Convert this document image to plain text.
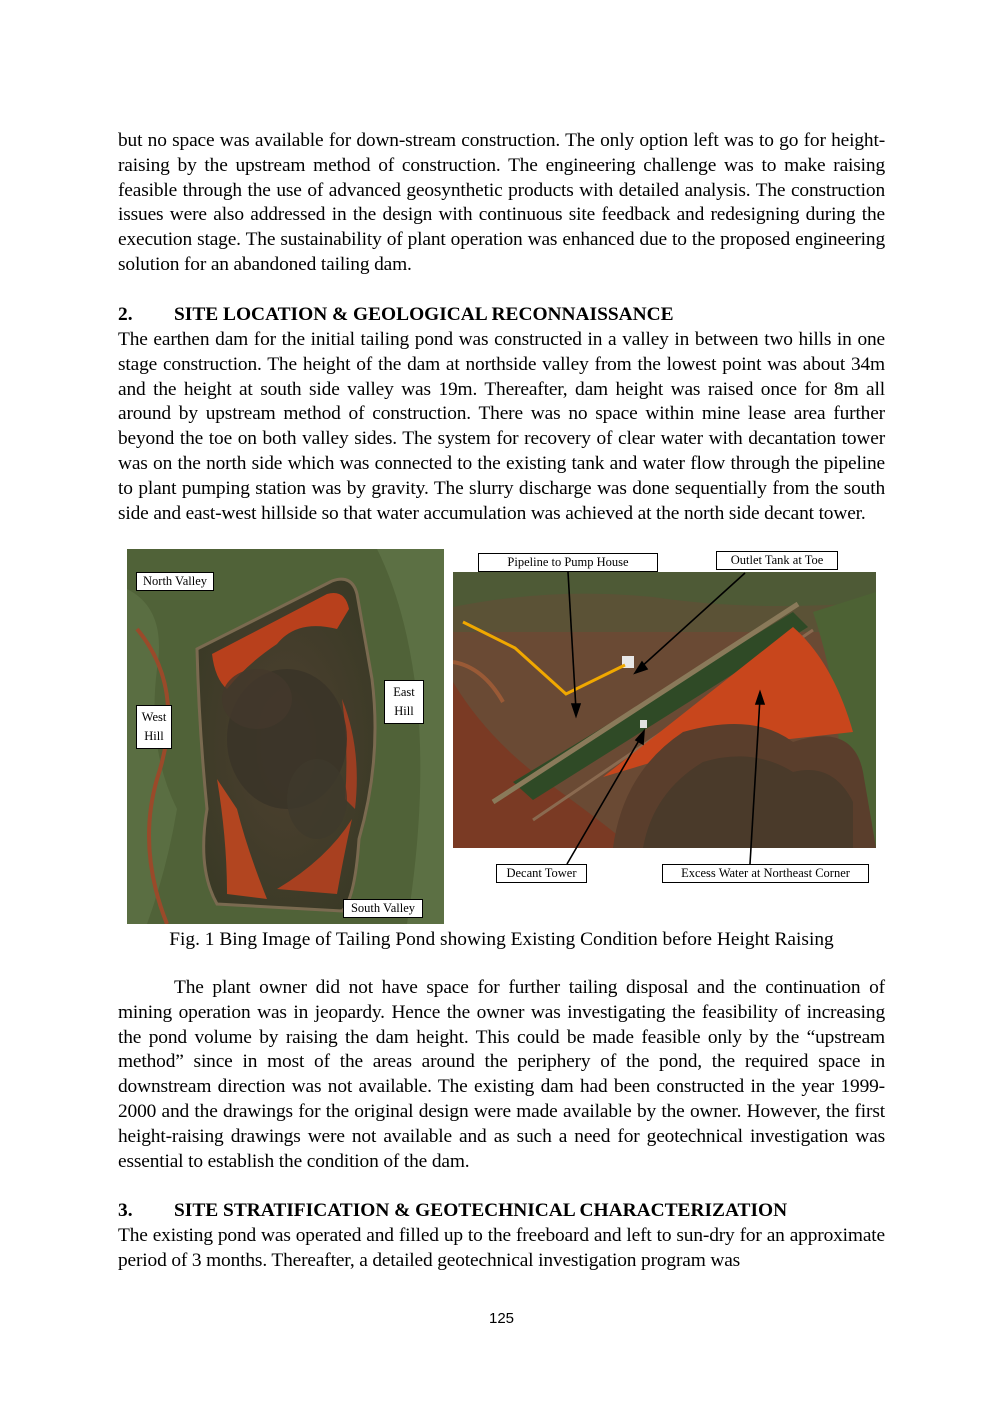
but no space was available for down-stream construction. The only option left was to go for height-raising by the upstream method of construction. The engineering challenge was to make raising feasible through the use of advanced geosynthetic products with detailed analysis. The construction issues were also addressed in the design with continuous site feedback and redesigning during the execution stage. The sustainability of plant operation was enhanced due to the proposed engineering solution for an abandoned tailing dam.

2. SITE LOCATION & GEOLOGICAL RECONNAISSANCE

The earthen dam for the initial tailing pond was constructed in a valley in between two hills in one stage construction. The height of the dam at northside valley from the lowest point was about 34m and the height at south side valley was 19m. Thereafter, dam height was raised once for 8m all around by upstream method of construction. There was no space within mine lease area further beyond the toe on both valley sides. The system for recovery of clear water with decantation tower was on the north side which was connected to the existing tank and water flow through the pipeline to plant pumping station was by gravity. The slurry discharge was done sequentially from the south side and east-west hillside so that water accumulation was achieved at the north side decant tower.

North Valley
East Hill
West Hill
South Valley
Pipeline to Pump House	Outlet Tank at Toe
Decant Tower	Excess Water at Northeast Corner
Fig. 1 Bing Image of Tailing Pond showing Existing Condition before Height Raising

The plant owner did not have space for further tailing disposal and the continuation of mining operation was in jeopardy. Hence the owner was investigating the feasibility of increasing the pond volume by raising the dam height. This could be made feasible only by the “upstream method” since in most of the areas around the periphery of the pond, the required space in downstream direction was not available. The existing dam had been constructed in the year 1999-2000 and the drawings for the original design were made available by the owner. However, the first height-raising drawings were not available and as such a need for geotechnical investigation was essential to establish the condition of the dam.

3. SITE STRATIFICATION & GEOTECHNICAL CHARACTERIZATION

The existing pond was operated and filled up to the freeboard and left to sun-dry for an approximate period of 3 months. Thereafter, a detailed geotechnical investigation program was

125
